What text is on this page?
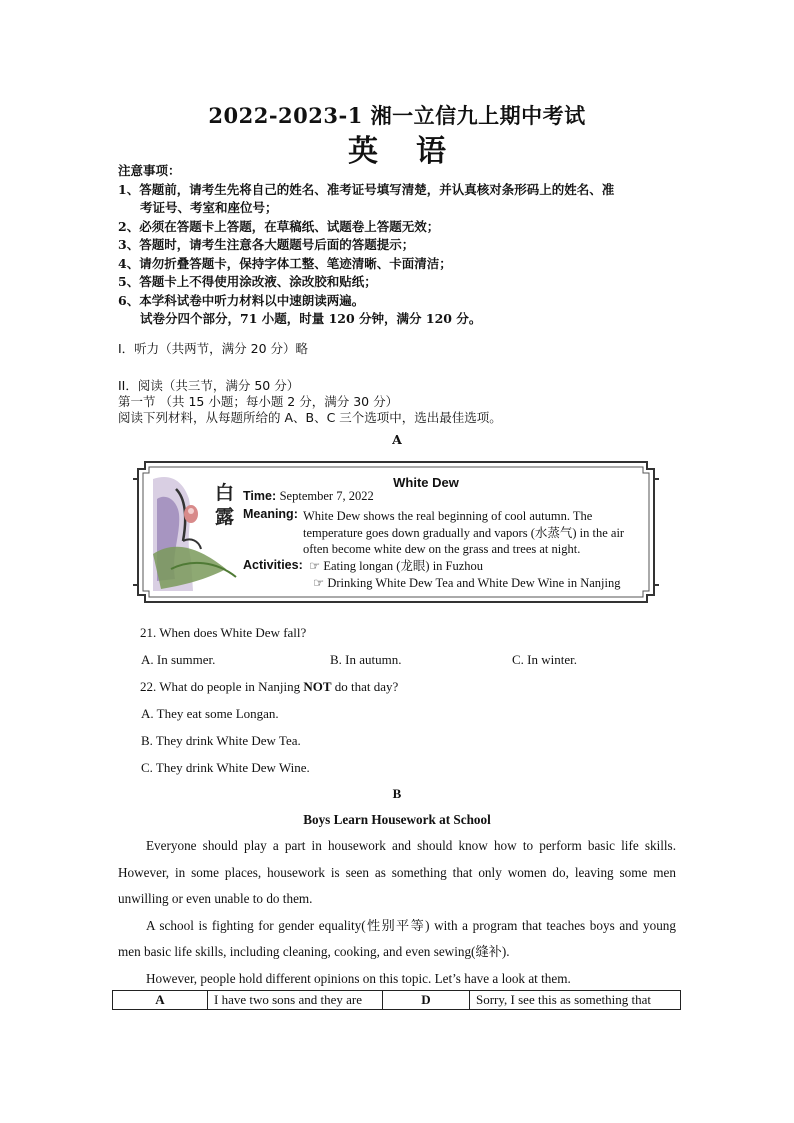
2022-2023-1 湘一立信九上期中考试
英语
注意事项：
1、答题前，请考生先将自己的姓名、准考证号填写清楚，并认真核对条形码上的姓名、准
考证号、考室和座位号；
2、必须在答题卡上答题，在草稿纸、试题卷上答题无效；
3、答题时，请考生注意各大题题号后面的答题提示；
4、请勿折叠答题卡，保持字体工整、笔迹清晰、卡面清洁；
5、答题卡上不得使用涂改液、涂改胶和贴纸；
6、本学科试卷中听力材料以中速朗读两遍。
试卷分四个部分，71 小题，时量 120 分钟，满分 120 分。
I．听力（共两节，满分 20 分）略
II．阅读（共三节，满分 50 分）
第一节 （共 15 小题；每小题 2 分，满分 30 分）
阅读下列材料，从每题所给的 A、B、C 三个选项中，选出最佳选项。
A
白露
White Dew
Time: September 7, 2022
Meaning: White Dew shows the real beginning of cool autumn. The
temperature goes down gradually and vapors (水蒸气) in the air
often become white dew on the grass and trees at night.
Activities: ☞ Eating longan (龙眼) in Fuzhou
☞ Drinking White Dew Tea and White Dew Wine in Nanjing
21. When does White Dew fall?
A. In summer.	B. In autumn.	C. In winter.
22. What do people in Nanjing NOT do that day?
A. They eat some Longan.
B. They drink White Dew Tea.
C. They drink White Dew Wine.
B
Boys Learn Housework at School

Everyone should play a part in housework and should know how to perform basic life skills. However, in some places, housework is seen as something that only women do, leaving some men unwilling or even unable to do them.

A school is fighting for gender equality(性别平等) with a program that teaches boys and young men basic life skills, including cleaning, cooking, and even sewing(缝补).

However, people hold different opinions on this topic. Let’s have a look at them.

A	I have two sons and they are	D	Sorry, I see this as something that
